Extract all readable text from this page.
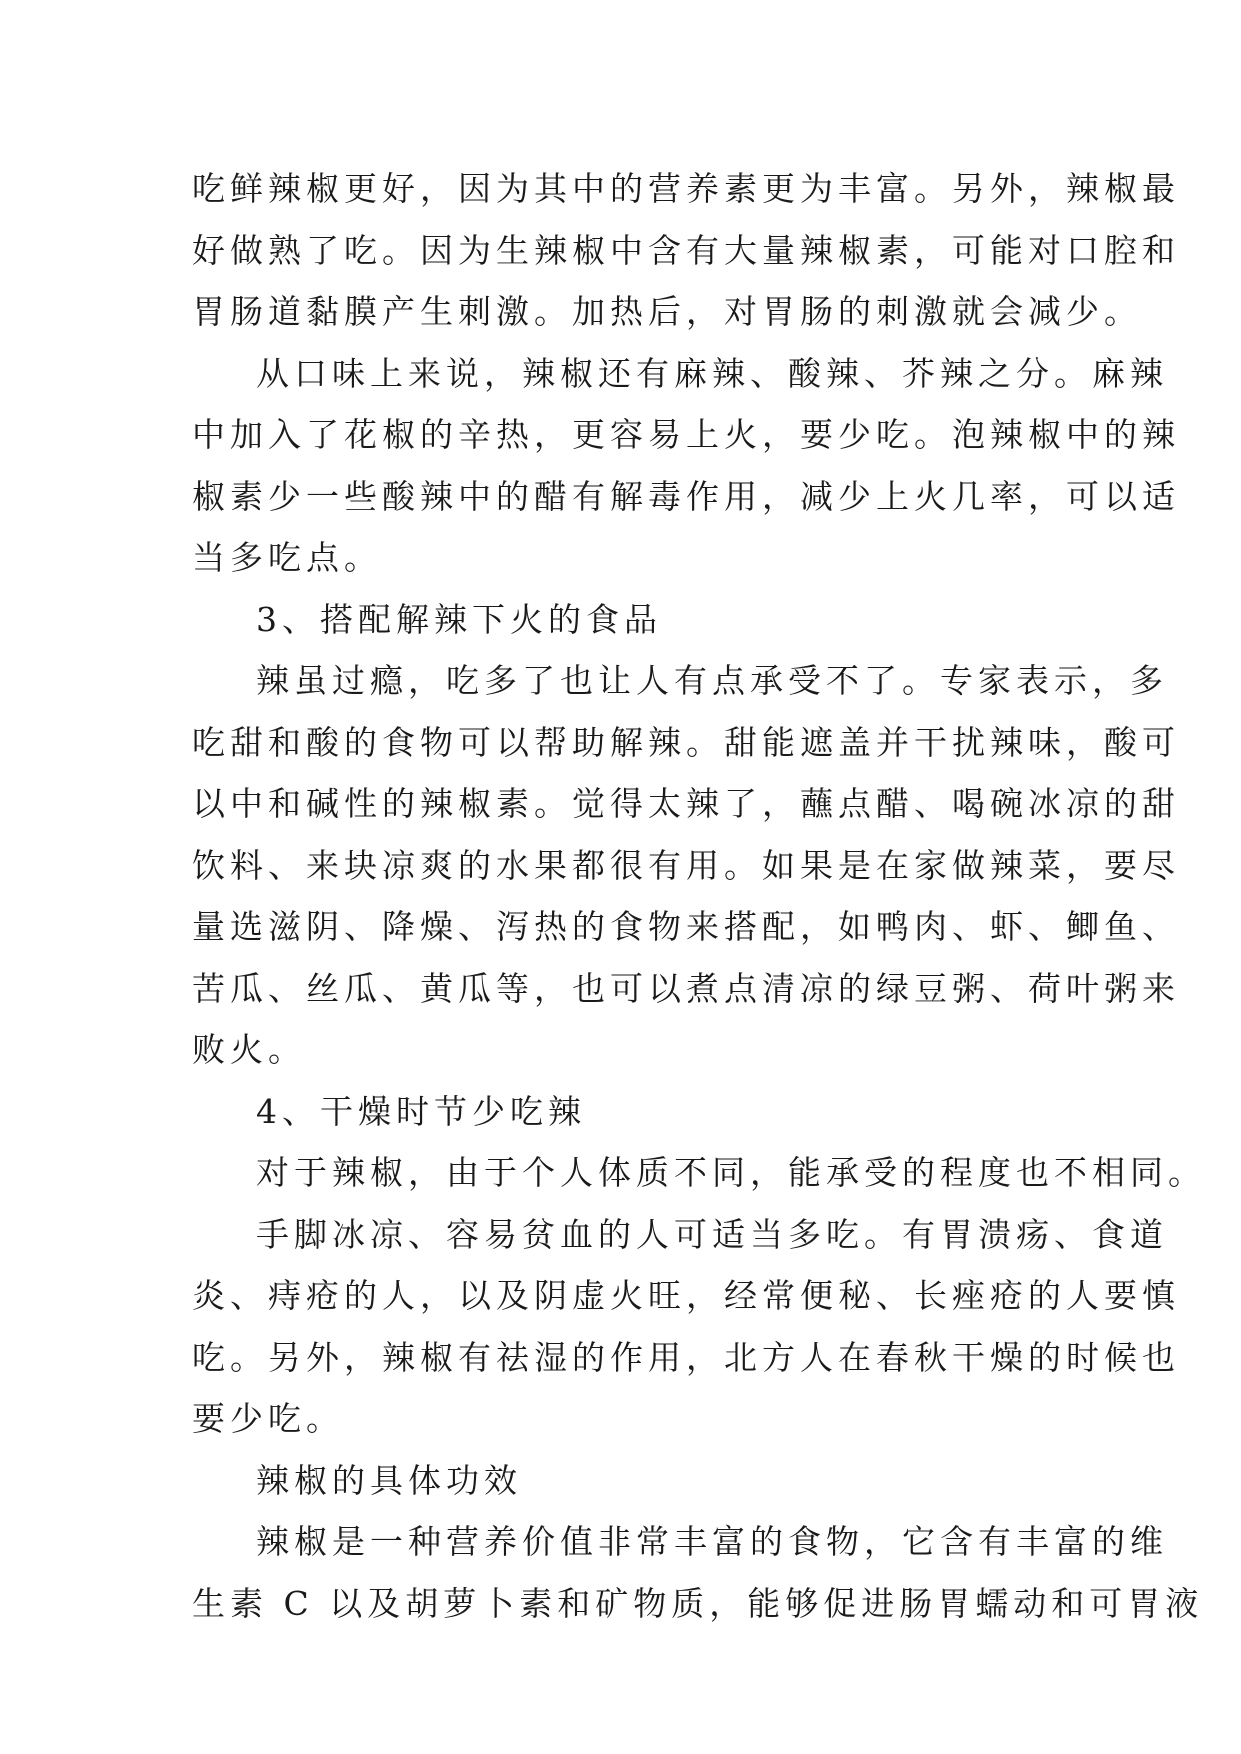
吃鲜辣椒更好，因为其中的营养素更为丰富。另外，辣椒最
好做熟了吃。因为生辣椒中含有大量辣椒素，可能对口腔和
胃肠道黏膜产生刺激。加热后，对胃肠的刺激就会减少。
从口味上来说，辣椒还有麻辣、酸辣、芥辣之分。麻辣
中加入了花椒的辛热，更容易上火，要少吃。泡辣椒中的辣
椒素少一些酸辣中的醋有解毒作用，减少上火几率，可以适
当多吃点。
3、搭配解辣下火的食品
辣虽过瘾，吃多了也让人有点承受不了。专家表示，多
吃甜和酸的食物可以帮助解辣。甜能遮盖并干扰辣味，酸可
以中和碱性的辣椒素。觉得太辣了，蘸点醋、喝碗冰凉的甜
饮料、来块凉爽的水果都很有用。如果是在家做辣菜，要尽
量选滋阴、降燥、泻热的食物来搭配，如鸭肉、虾、鲫鱼、
苦瓜、丝瓜、黄瓜等，也可以煮点清凉的绿豆粥、荷叶粥来
败火。
4、干燥时节少吃辣
对于辣椒，由于个人体质不同，能承受的程度也不相同。
手脚冰凉、容易贫血的人可适当多吃。有胃溃疡、食道
炎、痔疮的人，以及阴虚火旺，经常便秘、长痤疮的人要慎
吃。另外，辣椒有祛湿的作用，北方人在春秋干燥的时候也
要少吃。
辣椒的具体功效
辣椒是一种营养价值非常丰富的食物，它含有丰富的维
生素 C 以及胡萝卜素和矿物质，能够促进肠胃蠕动和可胃液
